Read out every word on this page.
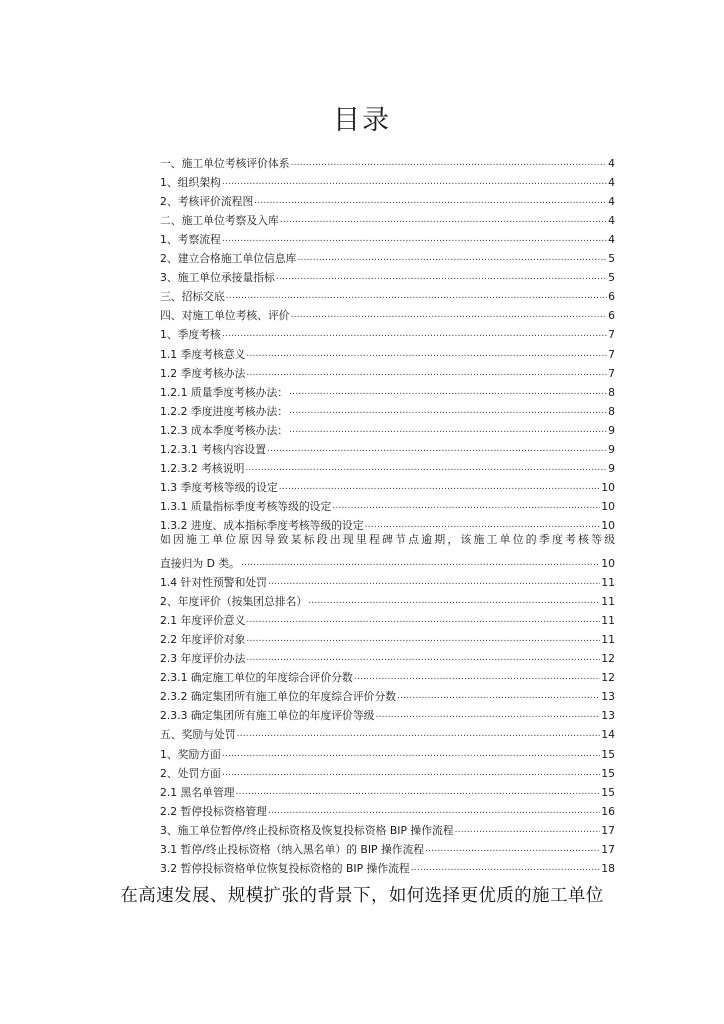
目录
一、施工单位考核评价体系 .....	4
1、组织架构 .....	4
2、考核评价流程图 .....	4
二、施工单位考察及入库 .....	4
1、考察流程 .....	4
2、建立合格施工单位信息库 .....	5
3、施工单位承接量指标 .....	5
三、招标交底 .....	6
四、对施工单位考核、评价 .....	6
1、季度考核 .....	7
1.1 季度考核意义 .....	7
1.2 季度考核办法 .....	7
1.2.1 质量季度考核办法： .....	8
1.2.2 季度进度考核办法： .....	8
1.2.3 成本季度考核办法： .....	9
1.2.3.1 考核内容设置 .....	9
1.2.3.2 考核说明 .....	9
1.3 季度考核等级的设定 .....	10
1.3.1 质量指标季度考核等级的设定 .....	10
1.3.2 进度、成本指标季度考核等级的设定 .....	10
如因施工单位原因导致某标段出现里程碑节点逾期，该施工单位的季度考核等级
直接归为 D 类。 .....	10
1.4 针对性预警和处罚 .....	11
2、年度评价（按集团总排名） .....	11
2.1 年度评价意义 .....	11
2.2 年度评价对象 .....	11
2.3 年度评价办法 .....	12
2.3.1 确定施工单位的年度综合评价分数 .....	12
2.3.2 确定集团所有施工单位的年度综合评价分数 .....	13
2.3.3 确定集团所有施工单位的年度评价等级 .....	13
五、奖励与处罚 .....	14
1、奖励方面 .....	15
2、处罚方面 .....	15
2.1 黑名单管理 .....	15
2.2 暂停投标资格管理 .....	16
3、施工单位暂停/终止投标资格及恢复投标资格 BIP 操作流程 .....	17
3.1 暂停/终止投标资格（纳入黑名单）的 BIP 操作流程 .....	17
3.2 暂停投标资格单位恢复投标资格的 BIP 操作流程 .....	18
在高速发展、规模扩张的背景下，如何选择更优质的施工单位
